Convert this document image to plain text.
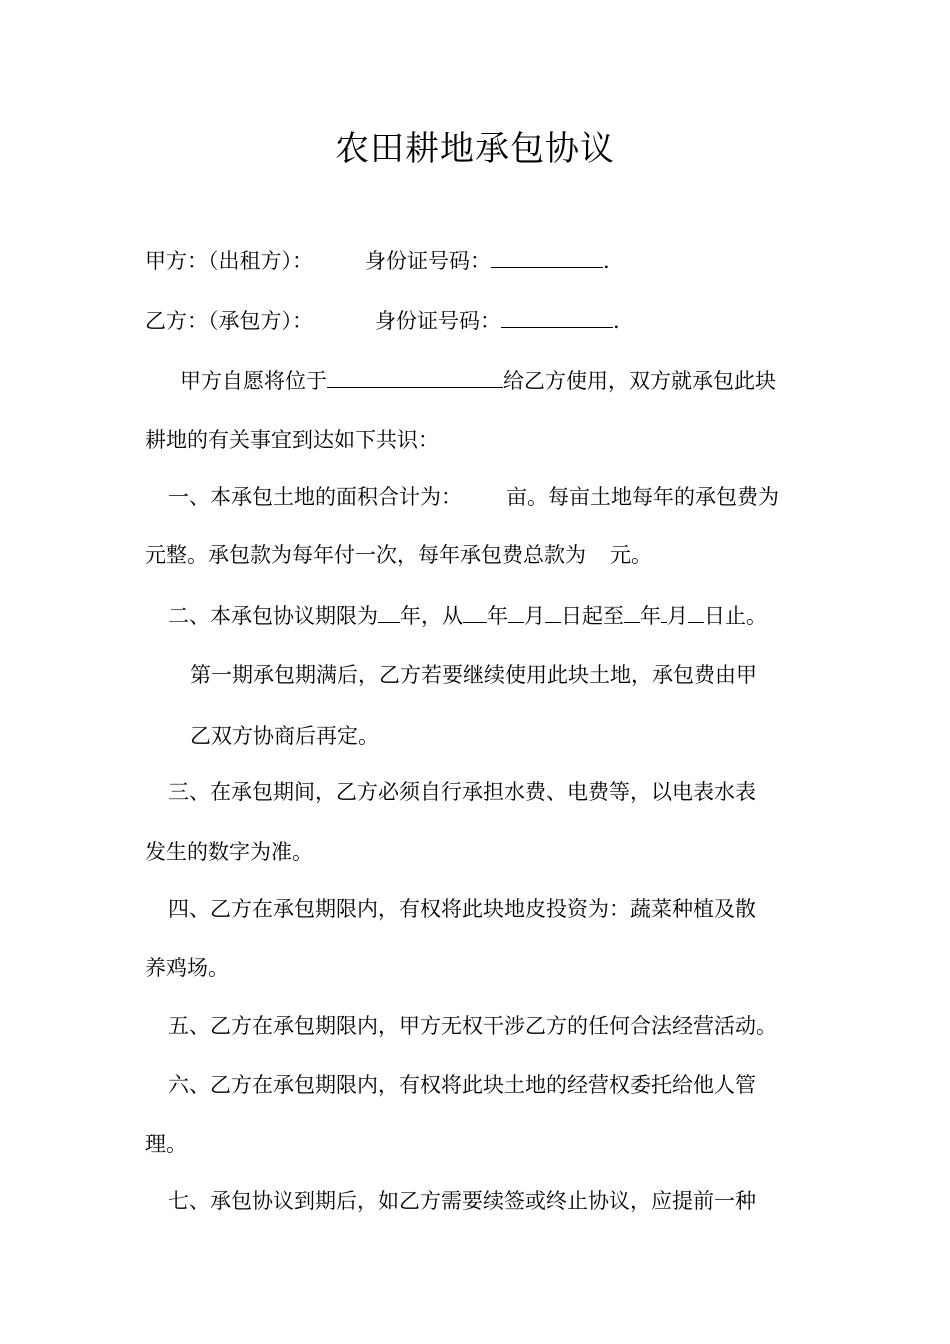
农田耕地承包协议
甲方：（出租方）： 身份证号码：	.
乙方：（承包方）：	身份证号码：	.
甲方自愿将位于	给乙方使用，双方就承包此块
耕地的有关事宜到达如下共识：
一、本承包土地的面积合计为： 亩。每亩土地每年的承包费为
元整。承包款为每年付一次，每年承包费总款为 元。
二、本承包协议期限为 年，从 年 月 日起至 年 月 日止。
第一期承包期满后，乙方若要继续使用此块土地，承包费由甲
乙双方协商后再定。
三、在承包期间，乙方必须自行承担水费、电费等，以电表水表
发生的数字为准。
四、乙方在承包期限内，有权将此块地皮投资为：蔬菜种植及散
养鸡场。
五、乙方在承包期限内，甲方无权干涉乙方的任何合法经营活动。
六、乙方在承包期限内，有权将此块土地的经营权委托给他人管
理。
七、承包协议到期后，如乙方需要续签或终止协议，应提前一种
